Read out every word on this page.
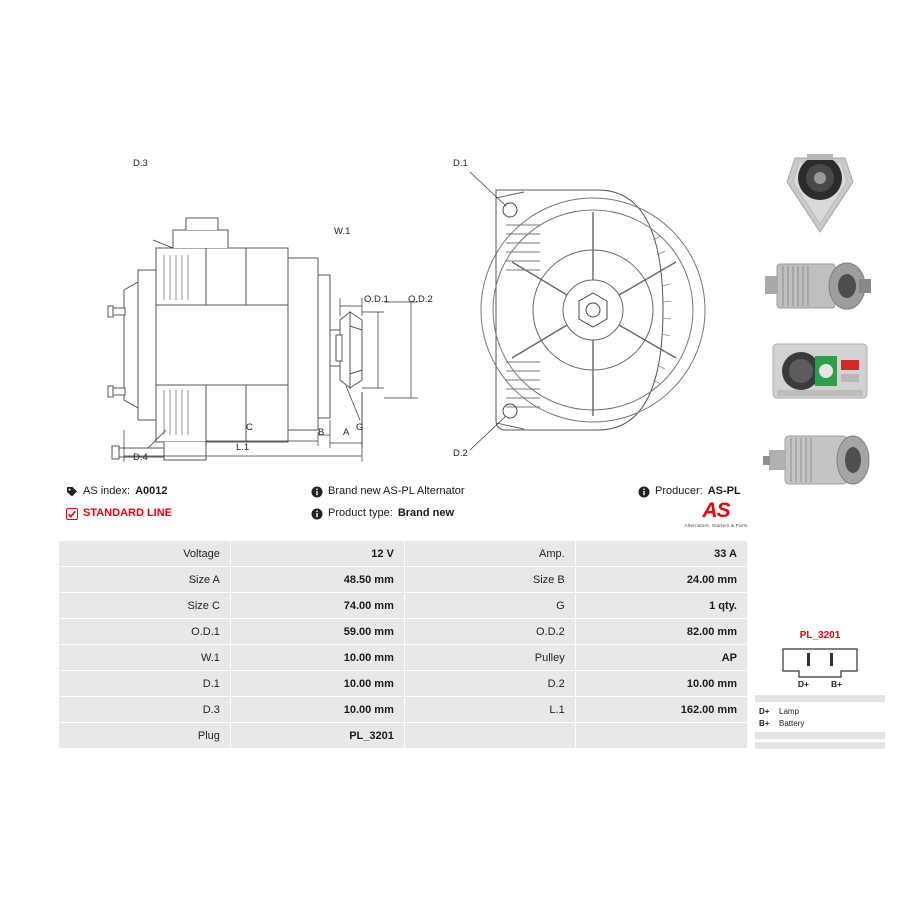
D.3
W.1
O.D.1 O.D.2
G
D.4
C	B A
L.1
D.1
D.2
AS index: A0012
STANDARD LINE
Brand new AS-PL Alternator
Product type: Brand new
Producer: AS-PL
AS
Alternators, Starters & Parts
Voltage	12 V	Amp.	33 A
Size A	48.50 mm	Size B	24.00 mm
Size C	74.00 mm	G	1 qty.
O.D.1	59.00 mm	O.D.2	82.00 mm
W.1	10.00 mm	Pulley	AP
D.1	10.00 mm	D.2	10.00 mm
D.3	10.00 mm	L.1	162.00 mm
Plug	PL_3201		
PL_3201
D+	B+
D+	Lamp
B+	Battery
